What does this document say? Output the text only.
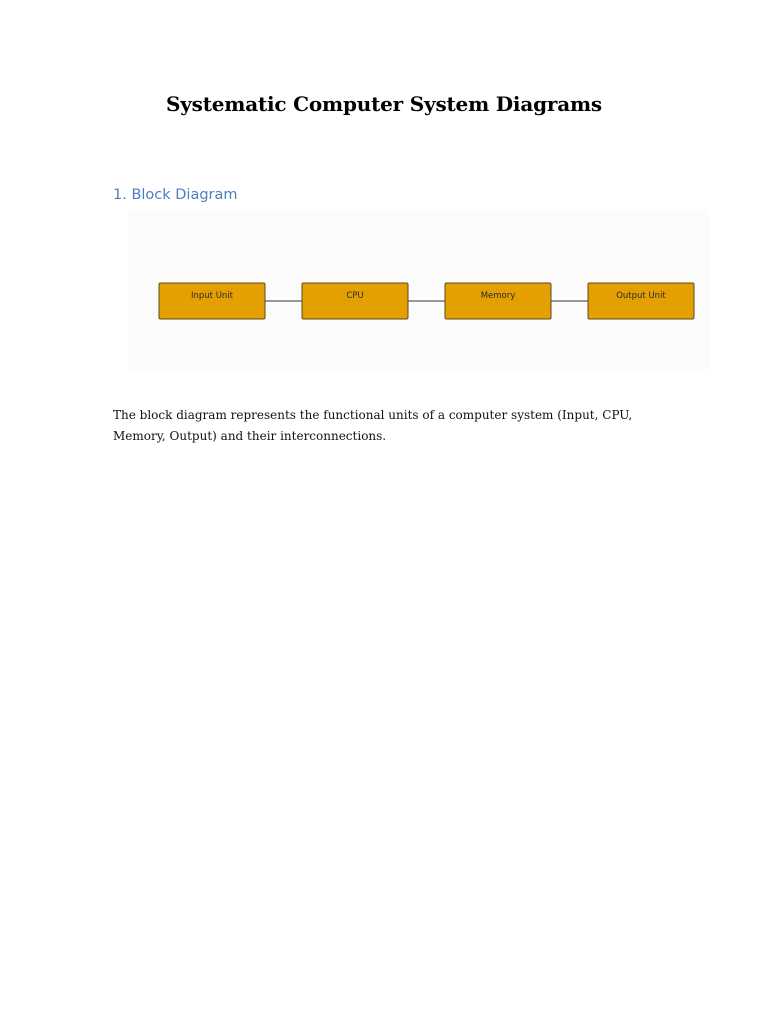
Systematic Computer System Diagrams
1. Block Diagram
Input Unit	CPU	Memory	Output Unit

The block diagram represents the functional units of a computer system (Input, CPU, Memory, Output) and their interconnections.
